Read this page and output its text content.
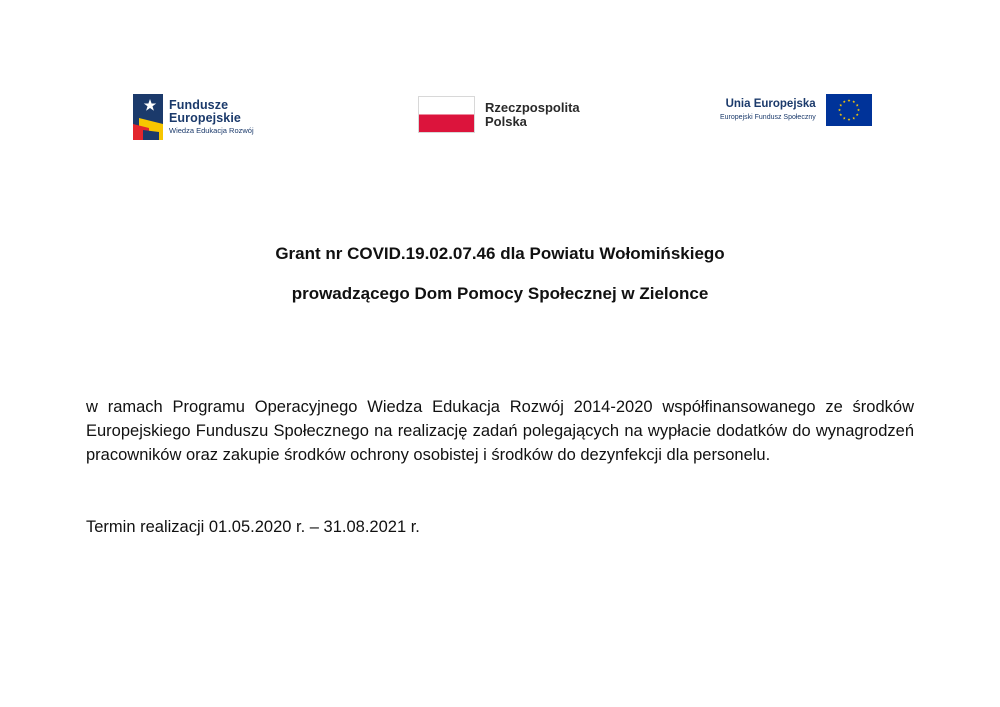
Fundusze
Europejskie
Wiedza Edukacja Rozwój
Rzeczpospolita
Polska
Unia Europejska
Europejski Fundusz Społeczny
Grant nr COVID.19.02.07.46 dla Powiatu Wołomińskiego
prowadzącego Dom Pomocy Społecznej w Zielonce

w ramach Programu Operacyjnego Wiedza Edukacja Rozwój 2014-2020 współfinansowanego ze środków Europejskiego Funduszu Społecznego na realizację zadań polegających na wypłacie dodatków do wynagrodzeń pracowników oraz zakupie środków ochrony osobistej i środków do dezynfekcji dla personelu.

Termin realizacji 01.05.2020 r. – 31.08.2021 r.
